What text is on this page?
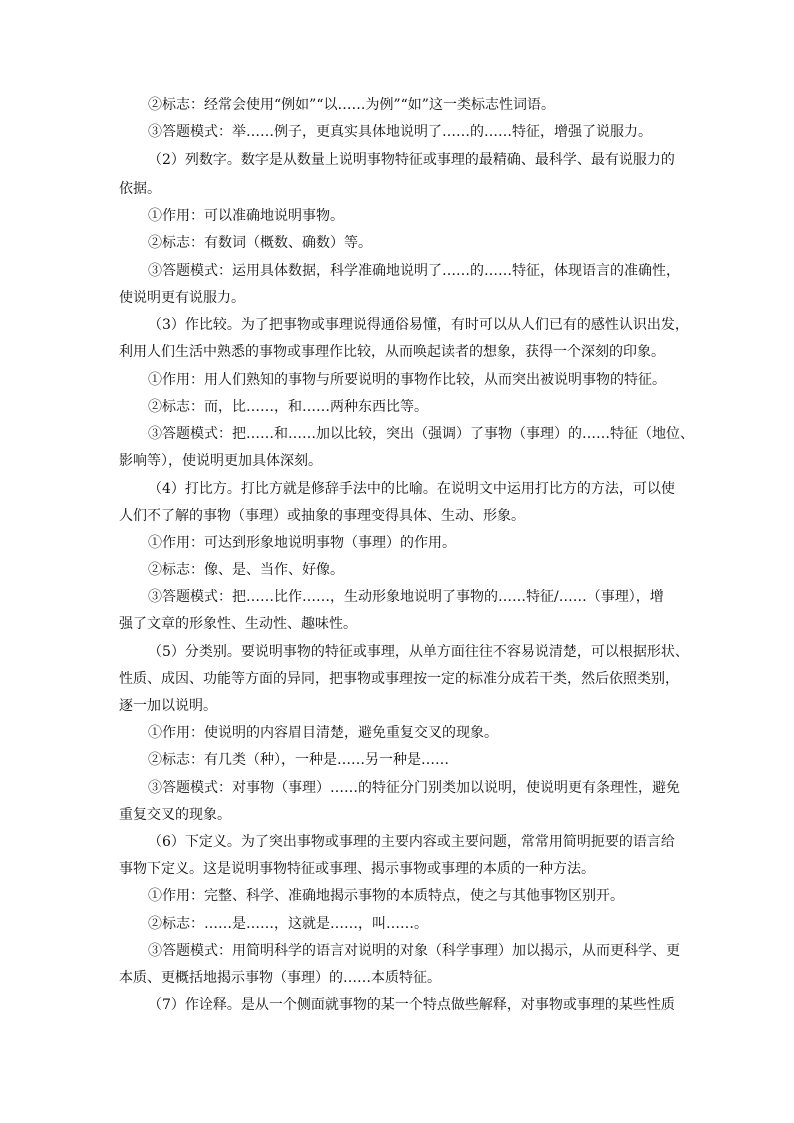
②标志：经常会使用“例如”“以……为例”“如”这一类标志性词语。
③答题模式：举……例子，更真实具体地说明了……的……特征，增强了说服力。
（2）列数字。数字是从数量上说明事物特征或事理的最精确、最科学、最有说服力的
依据。
①作用：可以准确地说明事物。
②标志：有数词（概数、确数）等。
③答题模式：运用具体数据，科学准确地说明了……的……特征，体现语言的准确性，
使说明更有说服力。
（3）作比较。为了把事物或事理说得通俗易懂，有时可以从人们已有的感性认识出发，
利用人们生活中熟悉的事物或事理作比较，从而唤起读者的想象，获得一个深刻的印象。
①作用：用人们熟知的事物与所要说明的事物作比较，从而突出被说明事物的特征。
②标志：而，比……，和……两种东西比等。
③答题模式：把……和……加以比较，突出（强调）了事物（事理）的……特征（地位、
影响等），使说明更加具体深刻。
（4）打比方。打比方就是修辞手法中的比喻。在说明文中运用打比方的方法，可以使
人们不了解的事物（事理）或抽象的事理变得具体、生动、形象。
①作用：可达到形象地说明事物（事理）的作用。
②标志：像、是、当作、好像。
③答题模式：把……比作……，生动形象地说明了事物的……特征/……（事理），增
强了文章的形象性、生动性、趣味性。
（5）分类别。要说明事物的特征或事理，从单方面往往不容易说清楚，可以根据形状、
性质、成因、功能等方面的异同，把事物或事理按一定的标准分成若干类，然后依照类别，
逐一加以说明。
①作用：使说明的内容眉目清楚，避免重复交叉的现象。
②标志：有几类（种），一种是……另一种是……
③答题模式：对事物（事理）……的特征分门别类加以说明，使说明更有条理性，避免
重复交叉的现象。
（6）下定义。为了突出事物或事理的主要内容或主要问题，常常用简明扼要的语言给
事物下定义。这是说明事物特征或事理、揭示事物或事理的本质的一种方法。
①作用：完整、科学、准确地揭示事物的本质特点，使之与其他事物区别开。
②标志：……是……，这就是……，叫……。
③答题模式：用简明科学的语言对说明的对象（科学事理）加以揭示，从而更科学、更
本质、更概括地揭示事物（事理）的……本质特征。
（7）作诠释。是从一个侧面就事物的某一个特点做些解释，对事物或事理的某些性质
